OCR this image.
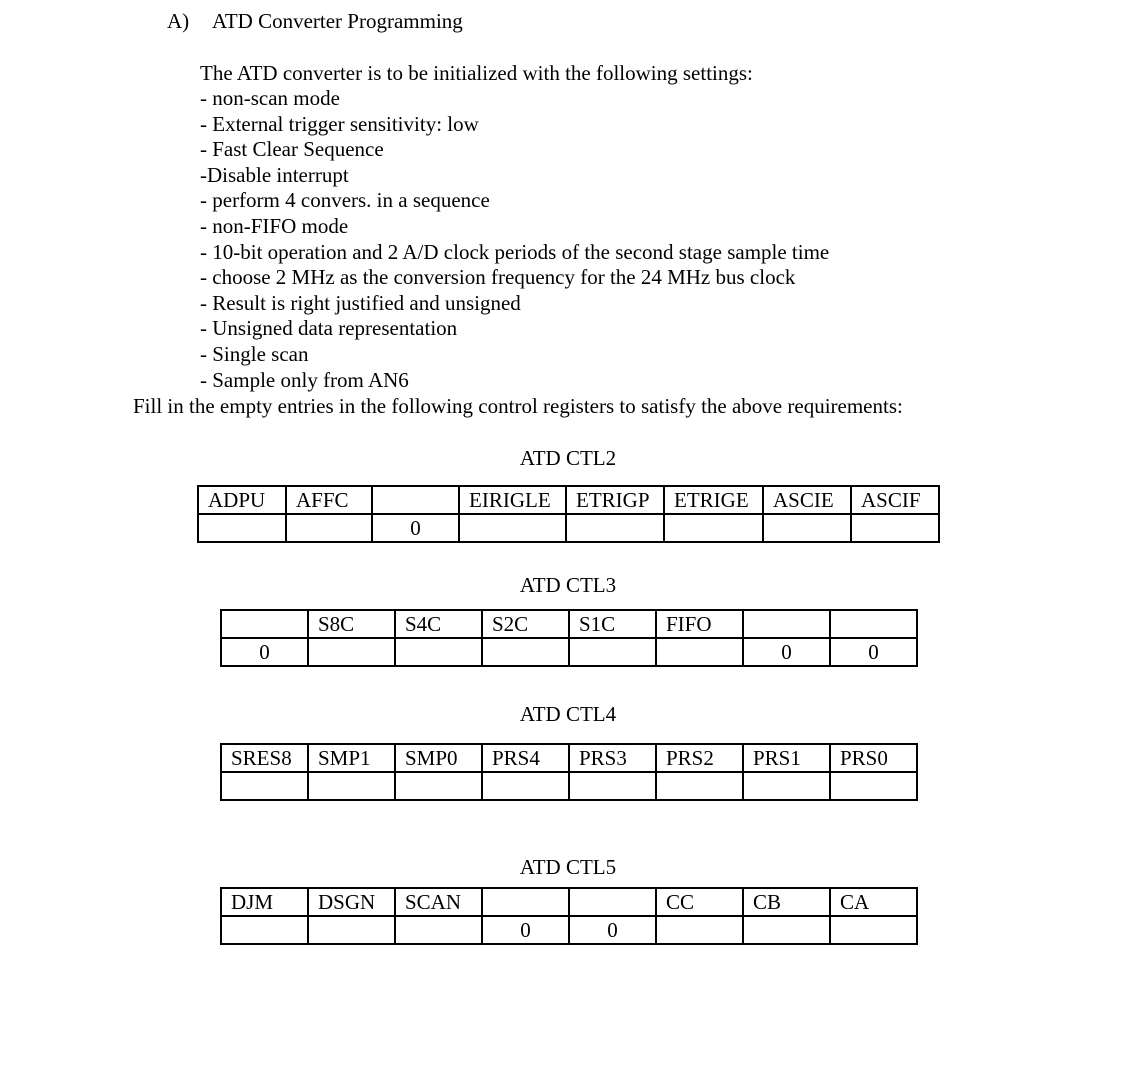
A) ATD Converter Programming
The ATD converter is to be initialized with the following settings:
- non-scan mode
- External trigger sensitivity: low
- Fast Clear Sequence
-Disable interrupt
- perform 4 convers. in a sequence
- non-FIFO mode
- 10-bit operation and 2 A/D clock periods of the second stage sample time
- choose 2 MHz as the conversion frequency for the 24 MHz bus clock
- Result is right justified and unsigned
- Unsigned data representation
- Single scan
- Sample only from AN6
Fill in the empty entries in the following control registers to satisfy the above requirements:
ATD CTL2
ADPU	AFFC		EIRIGLE	ETRIGP	ETRIGE	ASCIE	ASCIF
		0					
ATD CTL3
	S8C	S4C	S2C	S1C	FIFO		
0						0	0
ATD CTL4
SRES8	SMP1	SMP0	PRS4	PRS3	PRS2	PRS1	PRS0

ATD CTL5
DJM	DSGN	SCAN			CC	CB	CA
			0	0			
